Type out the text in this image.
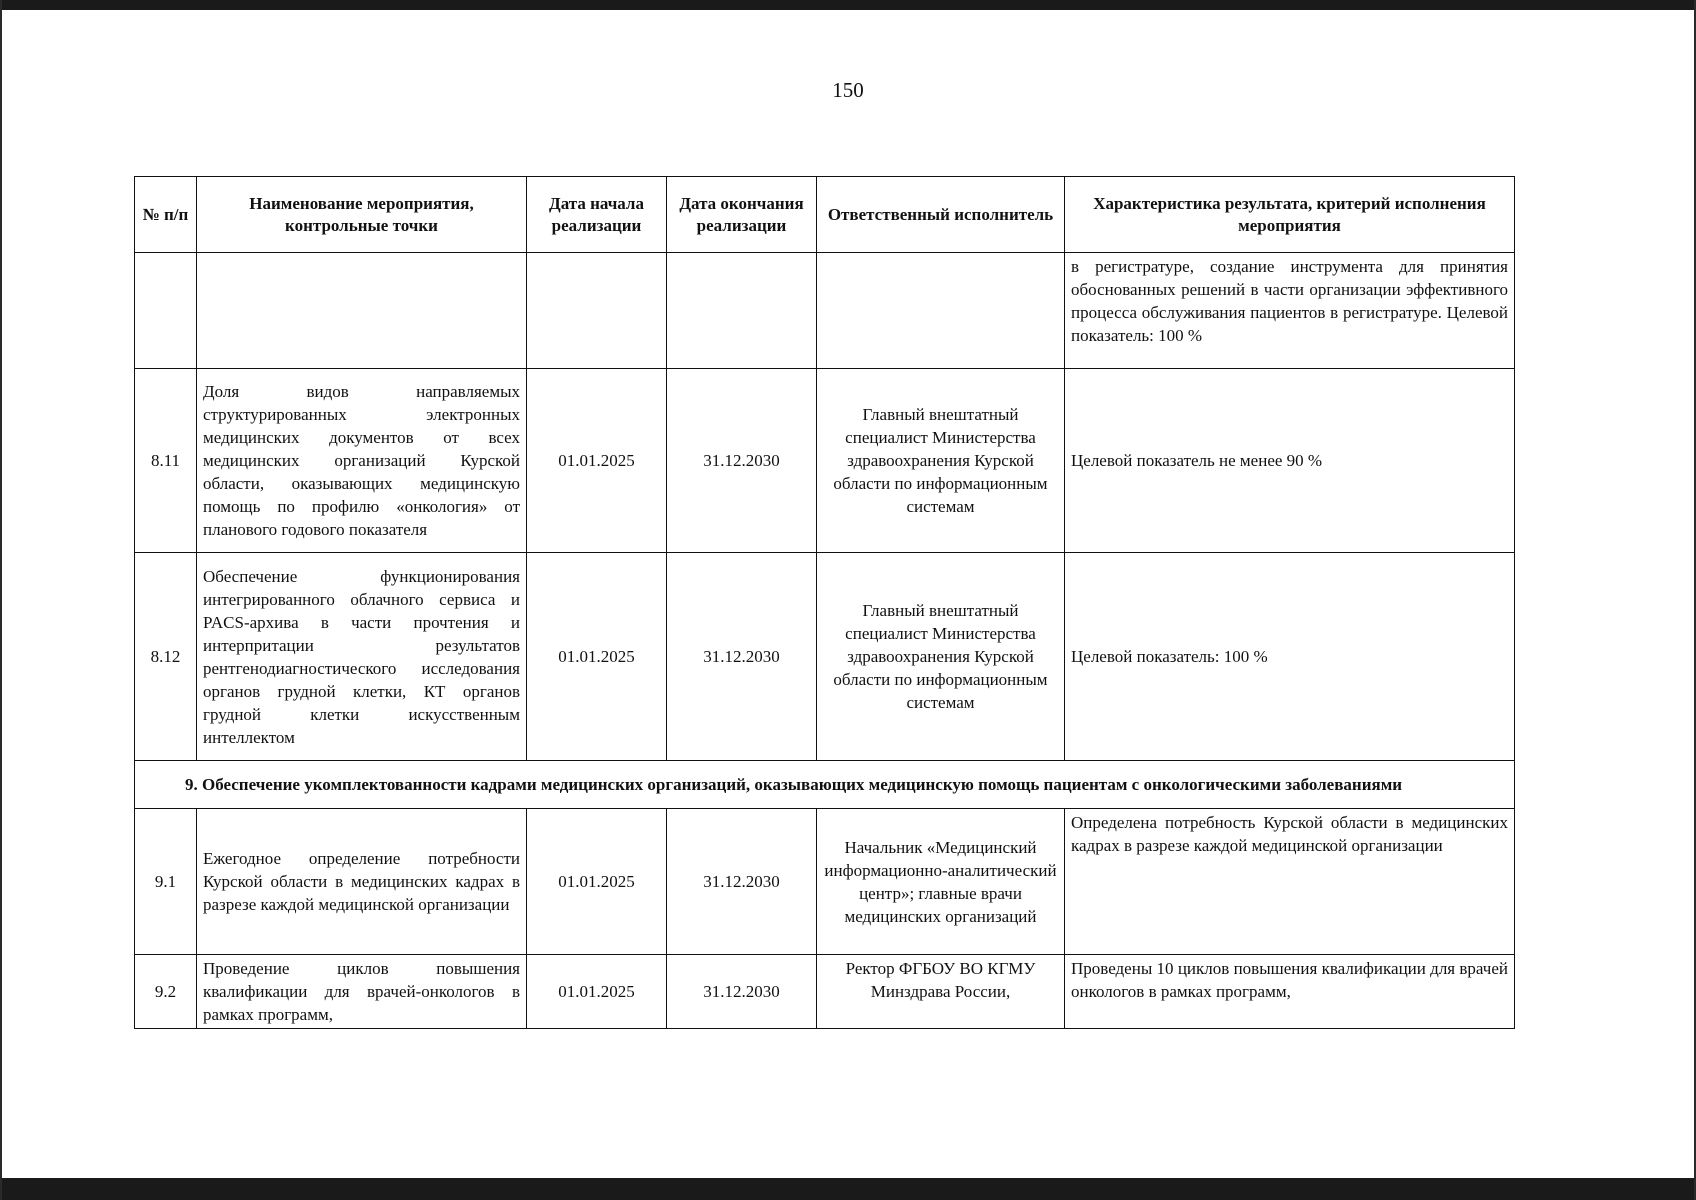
150
№ п/п	Наименование мероприятия, контрольные точки	Дата начала реализации	Дата окончания реализации	Ответственный исполнитель	Характеристика результата, критерий исполнения мероприятия
					в регистратуре, создание инструмента для принятия обоснованных решений в части организации эффективного процесса обслуживания пациентов в регистратуре. Целевой показатель: 100 %
8.11	Доля видов направляемых структурированных электронных медицинских документов от всех медицинских организаций Курской области, оказывающих медицинскую помощь по профилю «онкология» от планового годового показателя	01.01.2025	31.12.2030	Главный внештатный специалист Министерства здравоохранения Курской области по информационным системам	Целевой показатель не менее 90 %
8.12	Обеспечение функционирования интегрированного облачного сервиса и PACS-архива в части прочтения и интерпритации результатов рентгенодиагностического исследования органов грудной клетки, КТ органов грудной клетки искусственным интеллектом	01.01.2025	31.12.2030	Главный внештатный специалист Министерства здравоохранения Курской области по информационным системам	Целевой показатель: 100 %
9. Обеспечение укомплектованности кадрами медицинских организаций, оказывающих медицинскую помощь пациентам с онкологическими заболеваниями					
9.1	Ежегодное определение потребности Курской области в медицинских кадрах в разрезе каждой медицинской организации	01.01.2025	31.12.2030	Начальник «Медицинский информационно-аналитический центр»; главные врачи медицинских организаций	Определена потребность Курской области в медицинских кадрах в разрезе каждой медицинской организации
9.2	Проведение циклов повышения квалификации для врачей-онкологов в рамках программ,	01.01.2025	31.12.2030	Ректор ФГБОУ ВО КГМУ Минздрава России,	Проведены 10 циклов повышения квалификации для врачей онкологов в рамках программ,
